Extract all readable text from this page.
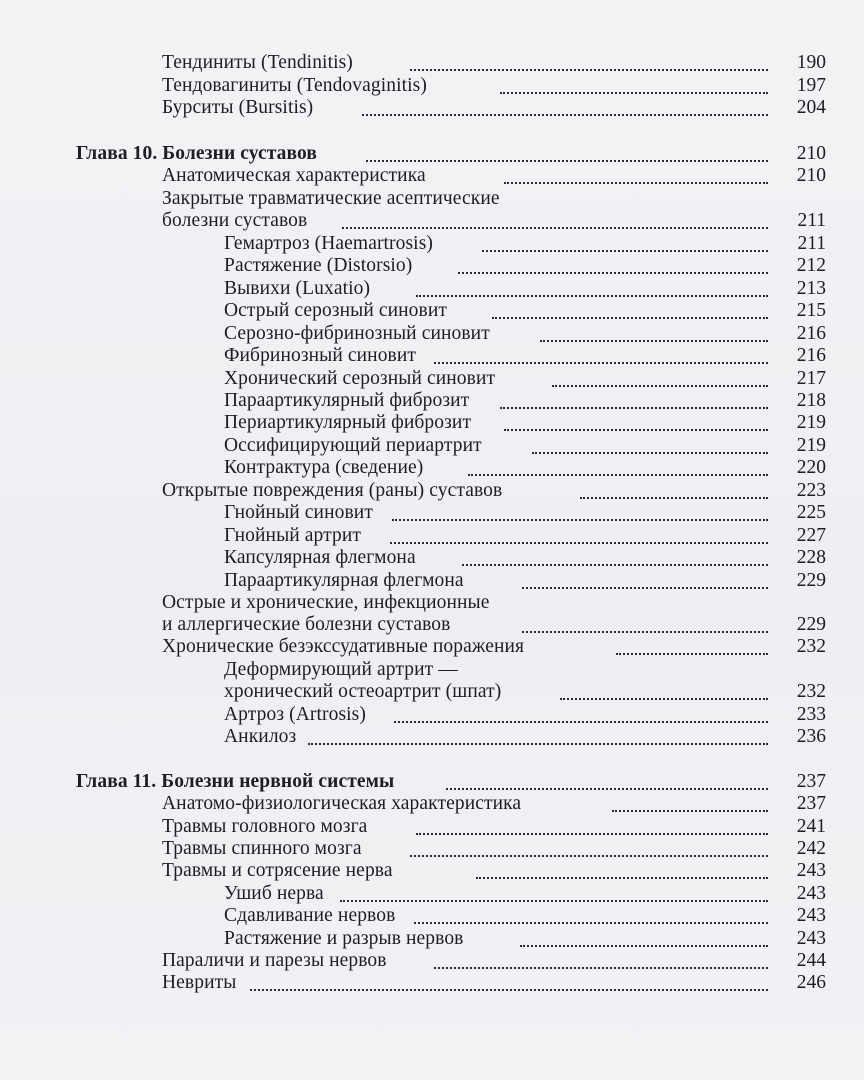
Тендиниты (Tendinitis)	190
Тендовагиниты (Tendovaginitis)	197
Бурситы (Bursitis)	204
Глава 10. Болезни суставов	210
Анатомическая характеристика	210
Закрытые травматические асептические
болезни суставов	211
Гемартроз (Haemartrosis)	211
Растяжение (Distorsio)	212
Вывихи (Luxatio)	213
Острый серозный синовит	215
Серозно-фибринозный синовит	216
Фибринозный синовит	216
Хронический серозный синовит	217
Параартикулярный фиброзит	218
Периартикулярный фиброзит	219
Оссифицирующий периартрит	219
Контрактура (сведение)	220
Открытые повреждения (раны) суставов	223
Гнойный синовит	225
Гнойный артрит	227
Капсулярная флегмона	228
Параартикулярная флегмона	229
Острые и хронические, инфекционные
и аллергические болезни суставов	229
Хронические безэкссудативные поражения	232
Деформирующий артрит —
хронический остеоартрит (шпат)	232
Артроз (Artrosis)	233
Анкилоз	236
Глава 11. Болезни нервной системы	237
Анатомо-физиологическая характеристика	237
Травмы головного мозга	241
Травмы спинного мозга	242
Травмы и сотрясение нерва	243
Ушиб нерва	243
Сдавливание нервов	243
Растяжение и разрыв нервов	243
Параличи и парезы нервов	244
Невриты	246
